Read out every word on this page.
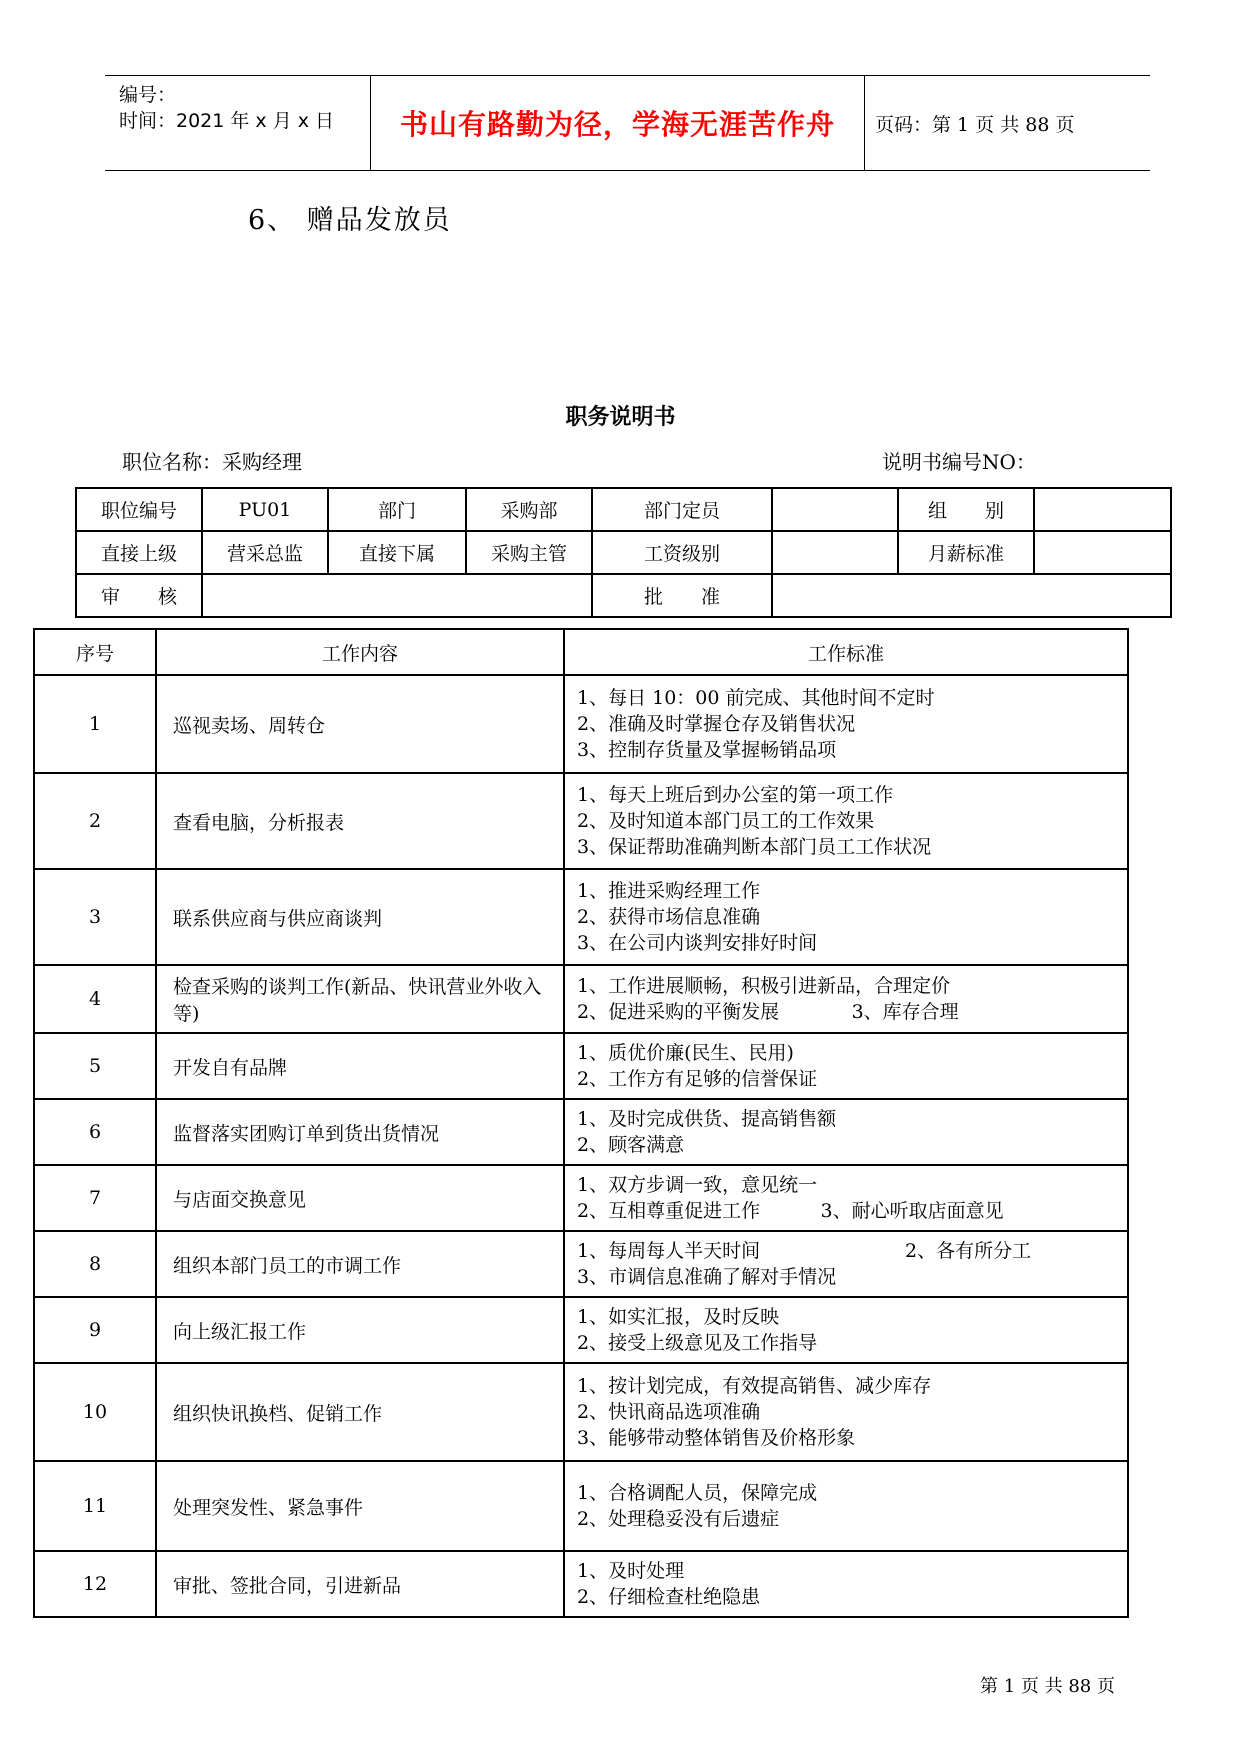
编号：
时间：2021 年 x 月 x 日 书山有路勤为径，学海无涯苦作舟 页码：第 1 页 共 88 页
6、 赠品发放员
职务说明书
职位名称：采购经理	说明书编号NO：
职位编号	PU01	部门	采购部	部门定员		组　　别	
直接上级	营采总监	直接下属	采购主管	工资级别		月薪标准	
审　　核				批　　准			
序号	工作内容	工作标准
1	巡视卖场、周转仓	1、每日 10：00 前完成、其他时间不定时
2、准确及时掌握仓存及销售状况
3、控制存货量及掌握畅销品项

2	查看电脑，分析报表	1、每天上班后到办公室的第一项工作
2、及时知道本部门员工的工作效果
3、保证帮助准确判断本部门员工工作状况

3	联系供应商与供应商谈判	1、推进采购经理工作
2、获得市场信息准确
3、在公司内谈判安排好时间

4	检查采购的谈判工作(新品、快讯营业外收入等)	1、工作进展顺畅，积极引进新品，合理定价
2、促进采购的平衡发展            3、库存合理

5	开发自有品牌	1、质优价廉(民生、民用)
2、工作方有足够的信誉保证

6	监督落实团购订单到货出货情况	1、及时完成供货、提高销售额
2、顾客满意

7	与店面交换意见	1、双方步调一致，意见统一
2、互相尊重促进工作          3、耐心听取店面意见

8	组织本部门员工的市调工作	1、每周每人半天时间                        2、各有所分工
3、市调信息准确了解对手情况

9	向上级汇报工作	1、如实汇报，及时反映
2、接受上级意见及工作指导

10	组织快讯换档、促销工作	1、按计划完成，有效提高销售、减少库存
2、快讯商品选项准确
3、能够带动整体销售及价格形象

11	处理突发性、紧急事件	1、合格调配人员，保障完成
2、处理稳妥没有后遗症

12	审批、签批合同，引进新品	1、及时处理
2、仔细检查杜绝隐患
第 1 页 共 88 页
